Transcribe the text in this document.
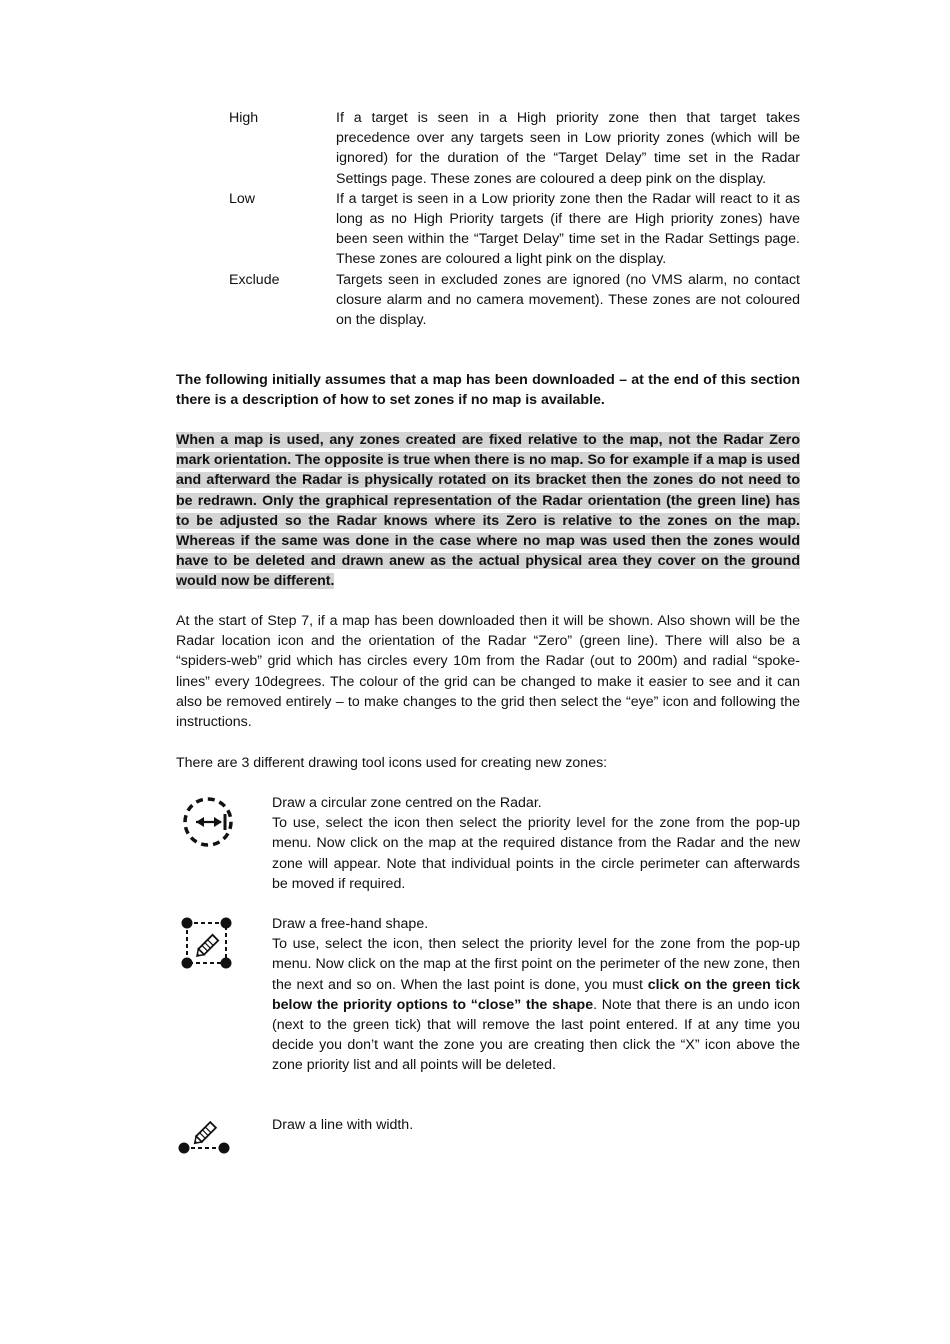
High	If a target is seen in a High priority zone then that target takes precedence over any targets seen in Low priority zones (which will be ignored) for the duration of the “Target Delay” time set in the Radar Settings page. These zones are coloured a deep pink on the display.

Low	If a target is seen in a Low priority zone then the Radar will react to it as long as no High Priority targets (if there are High priority zones) have been seen within the “Target Delay” time set in the Radar Settings page. These zones are coloured a light pink on the display.

Exclude	Targets seen in excluded zones are ignored (no VMS alarm, no contact closure alarm and no camera movement). These zones are not coloured on the display.

The following initially assumes that a map has been downloaded – at the end of this section there is a description of how to set zones if no map is available.

When a map is used, any zones created are fixed relative to the map, not the Radar Zero mark orientation. The opposite is true when there is no map. So for example if a map is used and afterward the Radar is physically rotated on its bracket then the zones do not need to be redrawn. Only the graphical representation of the Radar orientation (the green line) has to be adjusted so the Radar knows where its Zero is relative to the zones on the map. Whereas if the same was done in the case where no map was used then the zones would have to be deleted and drawn anew as the actual physical area they cover on the ground would now be different.

At the start of Step 7, if a map has been downloaded then it will be shown. Also shown will be the Radar location icon and the orientation of the Radar “Zero” (green line). There will also be a “spiders-web” grid which has circles every 10m from the Radar (out to 200m) and radial “spoke-lines” every 10degrees. The colour of the grid can be changed to make it easier to see and it can also be removed entirely – to make changes to the grid then select the “eye” icon and following the instructions.

There are 3 different drawing tool icons used for creating new zones:

Draw a circular zone centred on the Radar.

To use, select the icon then select the priority level for the zone from the pop-up menu. Now click on the map at the required distance from the Radar and the new zone will appear. Note that individual points in the circle perimeter can afterwards be moved if required.

Draw a free-hand shape.

To use, select the icon, then select the priority level for the zone from the pop-up menu. Now click on the map at the first point on the perimeter of the new zone, then the next and so on. When the last point is done, you must click on the green tick below the priority options to “close” the shape. Note that there is an undo icon (next to the green tick) that will remove the last point entered. If at any time you decide you don’t want the zone you are creating then click the “X” icon above the zone priority list and all points will be deleted.

Draw a line with width.
